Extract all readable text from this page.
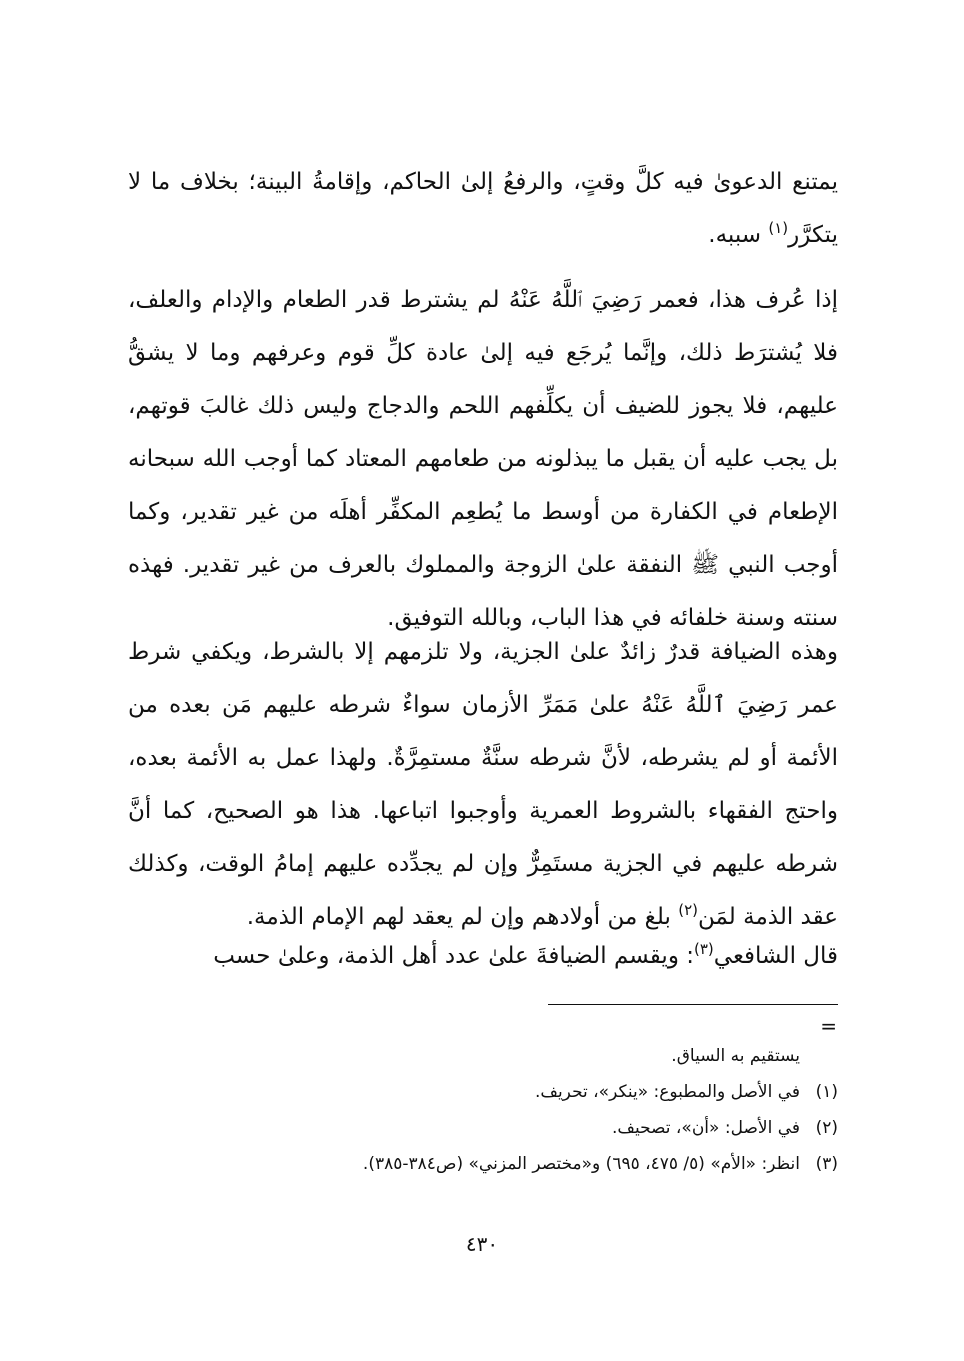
يمتنع الدعوىٰ فيه كلَّ وقتٍ، والرفعُ إلىٰ الحاكم، وإقامةُ البينة؛ بخلاف ما لا يتكرَّر$^{(١)}$ سببه.

إذا عُرف هذا، فعمر رَضِيَ ٱللَّهُ عَنْهُ لم يشترط قدر الطعام والإدام والعلف، فلا يُشترَط ذلك، وإنَّما يُرجَع فيه إلىٰ عادة كلِّ قوم وعرفهم وما لا يشقُّ عليهم، فلا يجوز للضيف أن يكلِّفهم اللحم والدجاج وليس ذلك غالبَ قوتهم، بل يجب عليه أن يقبل ما يبذلونه من طعامهم المعتاد كما أوجب الله سبحانه الإطعام في الكفارة من أوسط ما يُطعِم المكفِّر أهلَه من غير تقدير، وكما أوجب النبي ﷺ النفقة علىٰ الزوجة والمملوك بالعرف من غير تقدير. فهذه سنته وسنة خلفائه في هذا الباب، وبالله التوفيق.

وهذه الضيافة قدرٌ زائدٌ علىٰ الجزية، ولا تلزمهم إلا بالشرط، ويكفي شرط عمر رَضِيَ ٱللَّهُ عَنْهُ علىٰ مَمَرِّ الأزمان سواءٌ شرطه عليهم مَن بعده من الأئمة أو لم يشرطه، لأنَّ شرطه سنَّةٌ مستمِرَّةٌ. ولهذا عمل به الأئمة بعده، واحتج الفقهاء بالشروط العمرية وأوجبوا اتباعها. هذا هو الصحيح، كما أنَّ شرطه عليهم في الجزية مستَمِرٌّ وإن لم يجدِّده عليهم إمامُ الوقت، وكذلك عقد الذمة لمَن$^{(٢)}$ بلغ من أولادهم وإن لم يعقد لهم الإمام الذمة.

قال الشافعي$^{(٣)}$: ويقسم الضيافةَ علىٰ عدد أهل الذمة، وعلىٰ حسب

=
يستقيم به السياق.
(١)في الأصل والمطبوع: «ينكر»، تحريف.
(٢)في الأصل: «أن»، تصحيف.
(٣)انظر: «الأم» (٥/ ٤٧٥، ٦٩٥) و«مختصر المزني» (ص٣٨٤-٣٨٥).
٤٣٠
